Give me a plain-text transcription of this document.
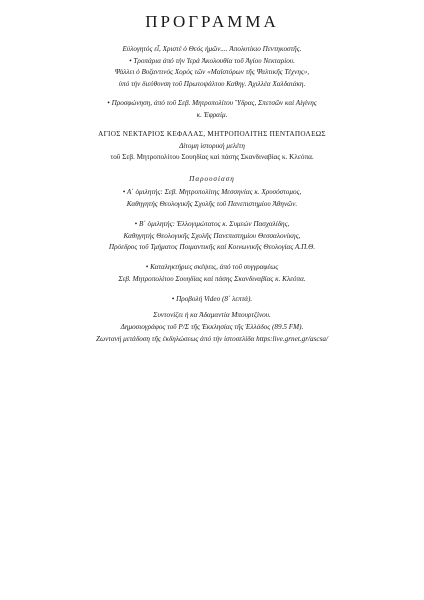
ΠΡΟΓΡΑΜΜΑ
Εὐλογητός εἶ, Χριστέ ὁ Θεός ἡμῶν.... Ἀπολυτίκιο Πεντηκοστῆς.
• Τροπάρια ἀπό τήν Ἱερά Ἀκολουθία τοῦ Ἁγίου Νεκταρίου.
Ψάλλει ὁ Βυζαντινός Χορός τῶν «Μαϊστόρων τῆς Ψαλτικῆς Τέχνης»,
ὑπό τήν διεύθυνση τοῦ Πρωτοψάλτου Καθηγ. Ἀχιλλέα Χαλδαιάκη.
• Προσφώνηση, ἀπό τοῦ Σεβ. Μητροπολίτου Ὕδρας, Σπετσῶν καί Αἰγίνης
κ. Ἐφραίμ.
ΑΓΙΟΣ ΝΕΚΤΑΡΙΟΣ ΚΕΦΑΛΑΣ, ΜΗΤΡΟΠΟΛΙΤΗΣ ΠΕΝΤΑΠΟΛΕΩΣ
Δίτομη ἱστορική μελέτη
τοῦ Σεβ. Μητροπολίτου Σουηδίας καί πάσης Σκανδιναβίας κ. Κλεόπα.
Παρουσίαση
• Α΄ ὁμιλητής: Σεβ. Μητροπολίτης Μεσσηνίας κ. Χρυσόστομος,
Καθηγητής Θεολογικῆς Σχολῆς τοῦ Πανεπιστημίου Ἀθηνῶν.
• Β΄ ὁμιλητής: Ἐλλογιμώτατος κ. Συμεών Πασχαλίδης,
Καθηγητής Θεολογικῆς Σχολῆς Πανεπιστημίου Θεσσαλονίκης,
Πρόεδρος τοῦ Τμήματος Ποιμαντικῆς καί Κοινωνικῆς Θεολογίας Α.Π.Θ.
• Καταληκτήριες σκέψεις, ἀπό τοῦ συγγραφέως
Σεβ. Μητροπολίτου Σουηδίας καί πάσης Σκανδιναβίας κ. Κλεόπα.
• Προβολή Video (8΄ λεπτά).
Συντονίζει ἡ κα Ἀδαμαντία Μπουρτζίνου.
Δημοσιογράφος τοῦ Ρ/Σ τῆς Ἐκκλησίας τῆς Ἑλλάδος (89.5 FM).
Ζωντανή μετάδοση τῆς ἐκδηλώσεως ἀπό τήν ἱστοσελίδα https:live.grnet.gr/ascsa/
